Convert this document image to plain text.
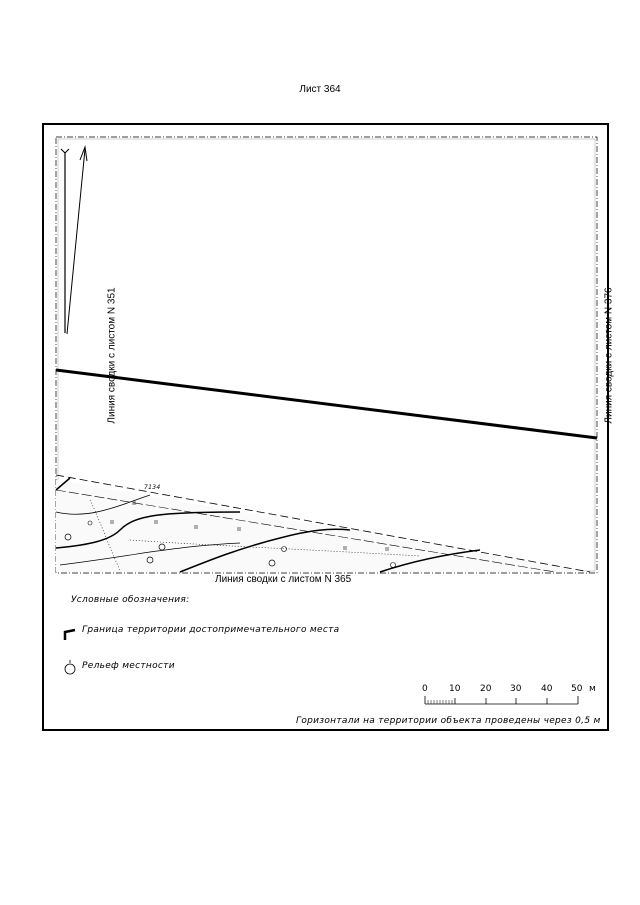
Лист 364
Линия сводки с листом N 351	Линия сводки с листом N 376
Линия сводки с листом N 365
7134
Условные обозначения:
Граница территории достопримечательного места
Рельеф местности
0 10 20 30 40 50 м
Горизонтали на территории объекта проведены через 0,5 м
